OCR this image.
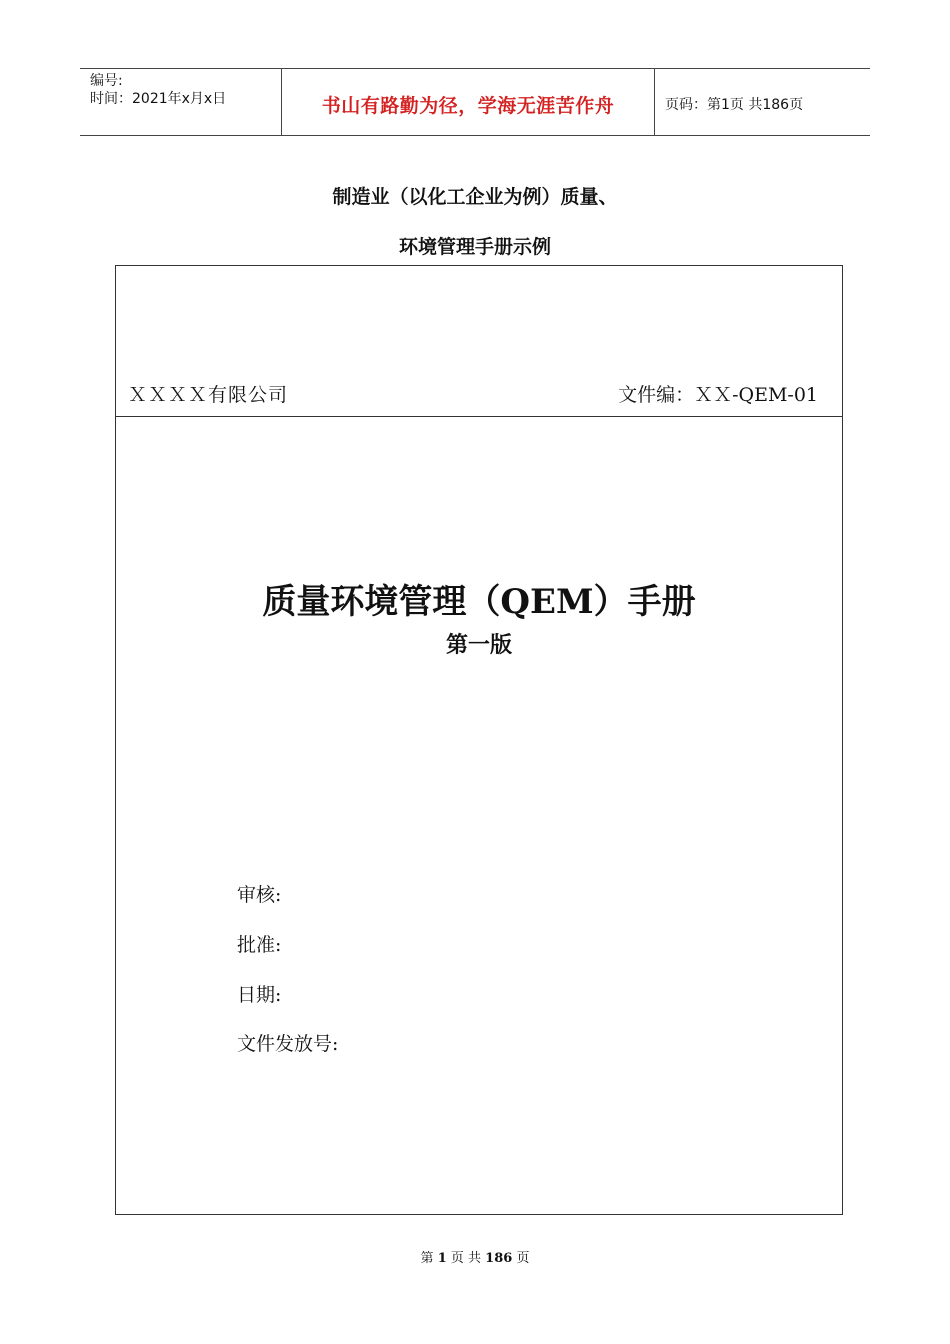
编号:
时间：2021年x月x日	书山有路勤为径，学海无涯苦作舟	页码：第1页 共186页
制造业（以化工企业为例）质量、
环境管理手册示例
ＸＸＸＸ有限公司	文件编：ＸＸ-QEM-01
质量环境管理（QEM）手册
第一版
审核:
批准:
日期:
文件发放号:
第 1 页 共 186 页
